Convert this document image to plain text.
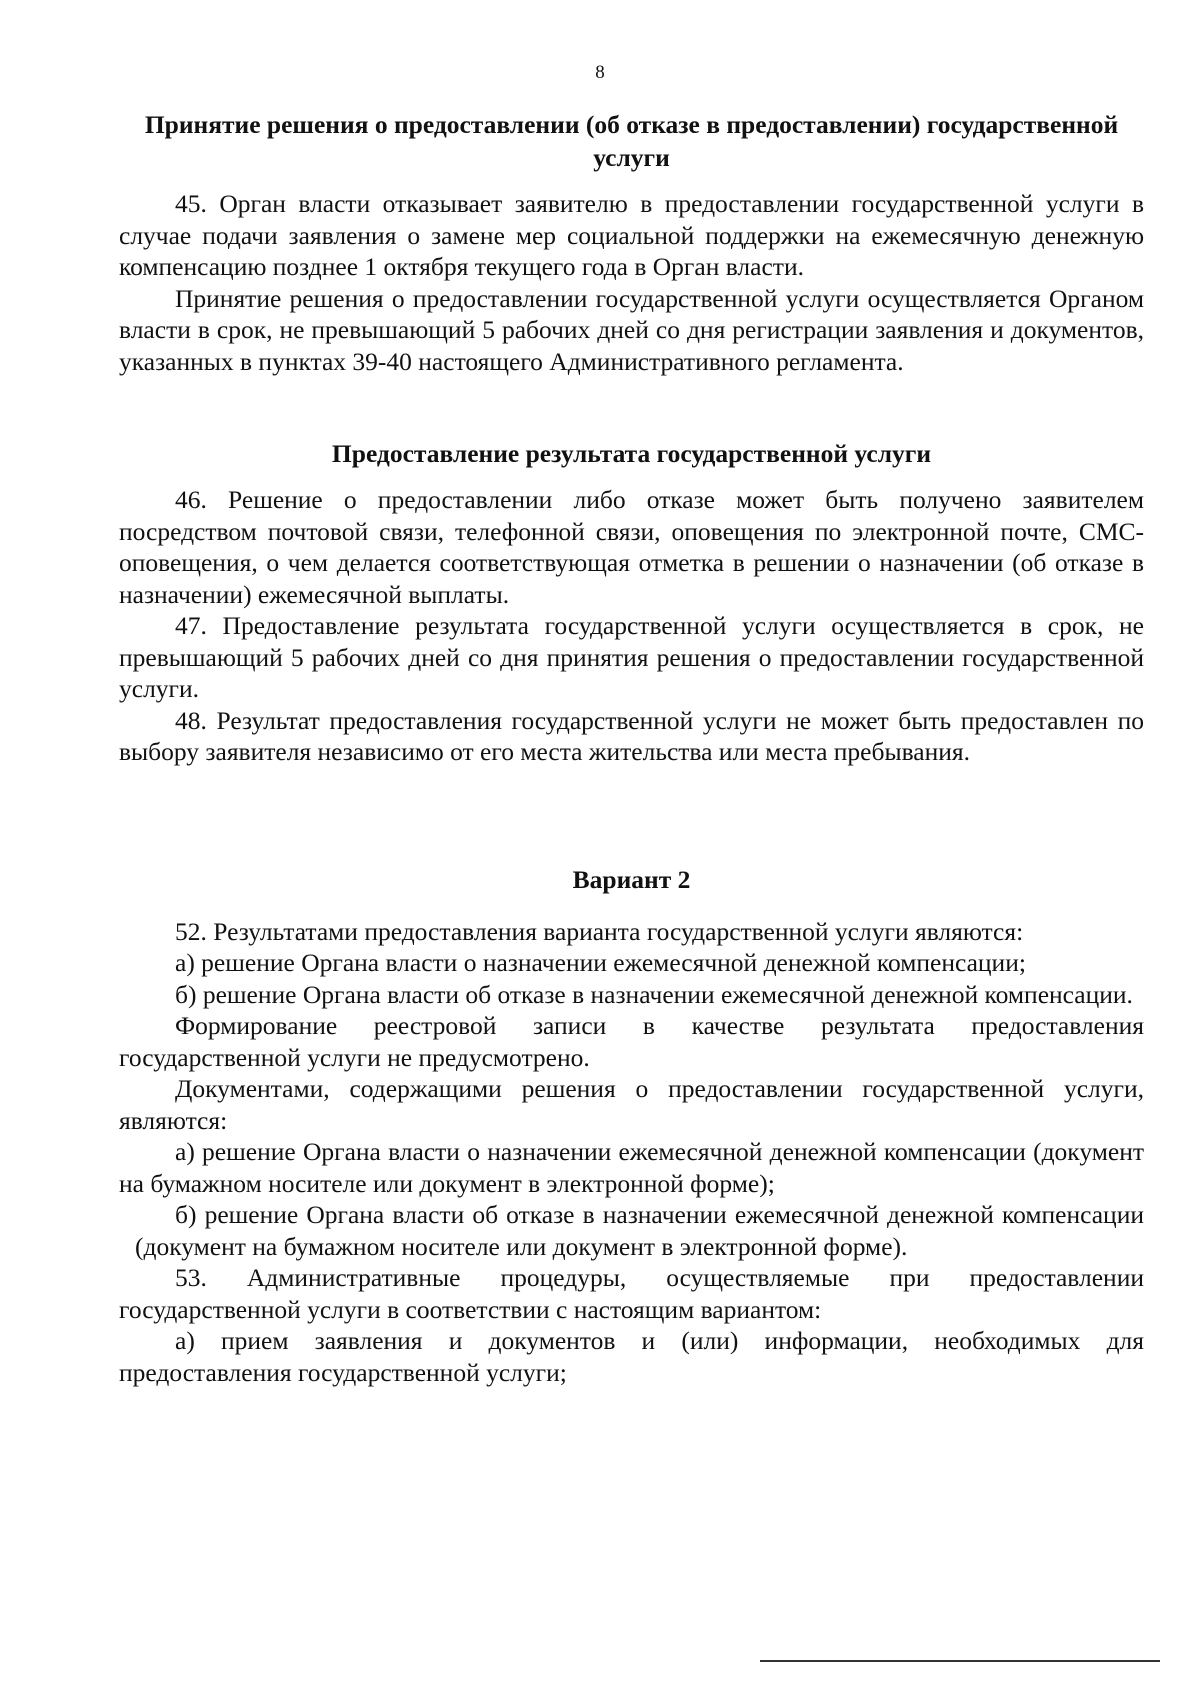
8
Принятие решения о предоставлении (об отказе в предоставлении) государственной услуги

45. Орган власти отказывает заявителю в предоставлении государственной услуги в случае подачи заявления о замене мер социальной поддержки на ежемесячную денежную компенсацию позднее 1 октября текущего года в Орган власти.

Принятие решения о предоставлении государственной услуги осуществляется Органом власти в срок, не превышающий 5 рабочих дней со дня регистрации заявления и документов, указанных в пунктах 39-40 настоящего Административного регламента.

Предоставление результата государственной услуги

46. Решение о предоставлении либо отказе может быть получено заявителем посредством почтовой связи, телефонной связи, оповещения по электронной почте, СМС-оповещения, о чем делается соответствующая отметка в решении о назначении (об отказе в назначении) ежемесячной выплаты.

47. Предоставление результата государственной услуги осуществляется в срок, не превышающий 5 рабочих дней со дня принятия решения о предоставлении государственной услуги.

48. Результат предоставления государственной услуги не может быть предоставлен по выбору заявителя независимо от его места жительства или места пребывания.

Вариант 2

52. Результатами предоставления варианта государственной услуги являются:

а) решение Органа власти о назначении ежемесячной денежной компенсации;

б) решение Органа власти об отказе в назначении ежемесячной денежной компенсации.

Формирование реестровой записи в качестве результата предоставления государственной услуги не предусмотрено.

Документами, содержащими решения о предоставлении государственной услуги, являются:

а) решение Органа власти о назначении ежемесячной денежной компенсации (документ на бумажном носителе или документ в электронной форме);

б) решение Органа власти об отказе в назначении ежемесячной денежной компенсации (документ на бумажном носителе или документ в электронной форме).

53. Административные процедуры, осуществляемые при предоставлении государственной услуги в соответствии с настоящим вариантом:

а) прием заявления и документов и (или) информации, необходимых для предоставления государственной услуги;
